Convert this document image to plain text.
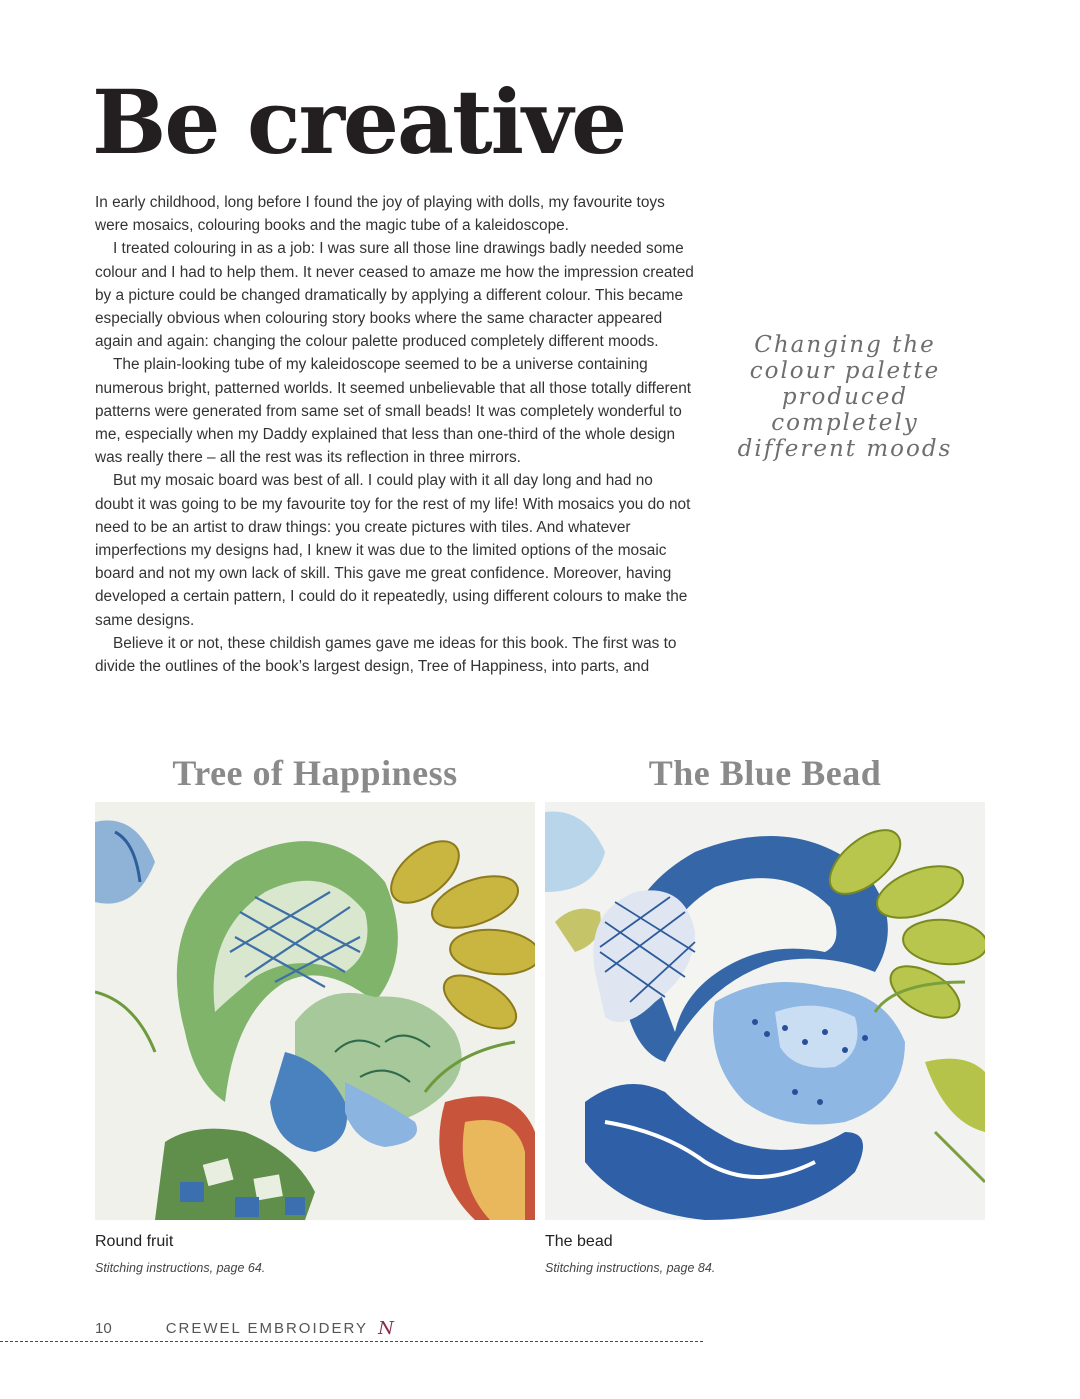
Be creative

In early childhood, long before I found the joy of playing with dolls, my favourite toys were mosaics, colouring books and the magic tube of a kaleidoscope.

I treated colouring in as a job: I was sure all those line drawings badly needed some colour and I had to help them. It never ceased to amaze me how the impression created by a picture could be changed dramatically by applying a different colour. This became especially obvious when colouring story books where the same character appeared again and again: changing the colour palette produced completely different moods.

The plain-looking tube of my kaleidoscope seemed to be a universe containing numerous bright, patterned worlds. It seemed unbelievable that all those totally different patterns were generated from same set of small beads! It was completely wonderful to me, especially when my Daddy explained that less than one-third of the whole design was really there – all the rest was its reflection in three mirrors.

But my mosaic board was best of all. I could play with it all day long and had no doubt it was going to be my favourite toy for the rest of my life! With mosaics you do not need to be an artist to draw things: you create pictures with tiles. And whatever imperfections my designs had, I knew it was due to the limited options of the mosaic board and not my own lack of skill. This gave me great confidence. Moreover, having developed a certain pattern, I could do it repeatedly, using different colours to make the same designs.

Believe it or not, these childish games gave me ideas for this book. The first was to divide the outlines of the book’s largest design, Tree of Happiness, into parts, and

Changing the colour palette produced completely different moods
Tree of Happiness
Round fruit
Stitching instructions, page 64.
The Blue Bead
The bead
Stitching instructions, page 84.
10	CREWEL EMBROIDERY N
